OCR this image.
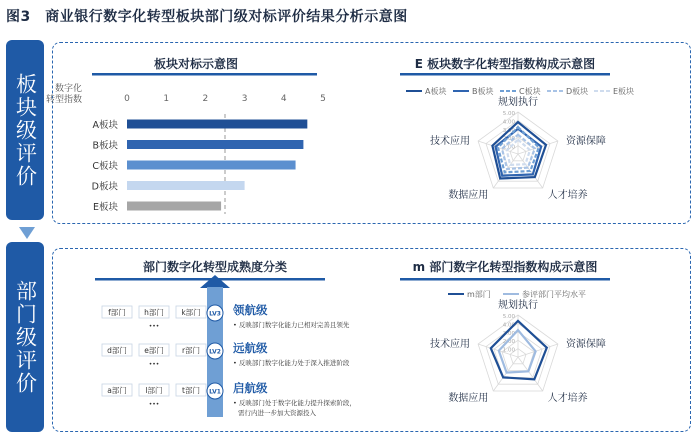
图3　商业银行数字化转型板块部门级对标评价结果分析示意图
板块级评价
部门级评价
板块对标示意图
数字化
转型指数	0	1	2	3	4	5
A板块
B板块
C板块
D板块
E板块
E 板块数字化转型指数构成示意图
A板块	B板块	C板块	D板块	E板块
5.00
4.00
3.00
2.00
1.00
规划执行
资源保障
人才培养
数据应用
技术应用
部门数字化转型成熟度分类
LV3 领航级
• 反映部门数字化能力已相对完善且领先
LV2 远航级
• 反映部门数字化能力处于深入推进阶段
LV1 启航级
• 反映部门处于数字化能力提升探索阶段，
需行内进一步加大资源投入
f部门 h部门 k部门
•••
d部门 e部门 r部门
•••
a部门 l部门	t部门
•••
m 部门数字化转型指数构成示意图
m部门	参评部门平均水平
5.00
4.00
3.00
2.00
1.00
规划执行
资源保障
人才培养
数据应用
技术应用
